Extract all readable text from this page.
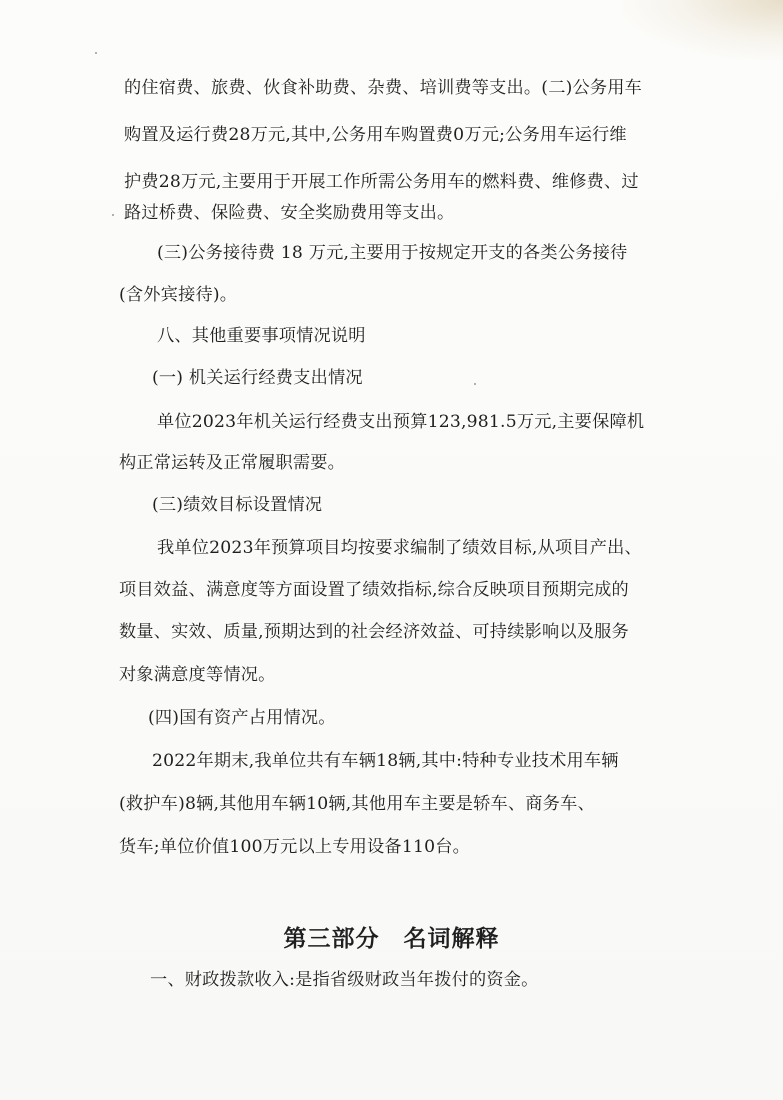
的住宿费、旅费、伙食补助费、杂费、培训费等支出。(二)公务用车
购置及运行费28万元,其中,公务用车购置费0万元;公务用车运行维
护费28万元,主要用于开展工作所需公务用车的燃料费、维修费、过
路过桥费、保险费、安全奖励费用等支出。
(三)公务接待费 18 万元,主要用于按规定开支的各类公务接待
(含外宾接待)。
八、其他重要事项情况说明
(一) 机关运行经费支出情况
单位2023年机关运行经费支出预算123,981.5万元,主要保障机
构正常运转及正常履职需要。
(三)绩效目标设置情况
我单位2023年预算项目均按要求编制了绩效目标,从项目产出、
项目效益、满意度等方面设置了绩效指标,综合反映项目预期完成的
数量、实效、质量,预期达到的社会经济效益、可持续影响以及服务
对象满意度等情况。
(四)国有资产占用情况。
2022年期末,我单位共有车辆18辆,其中:特种专业技术用车辆
(救护车)8辆,其他用车辆10辆,其他用车主要是轿车、商务车、
货车;单位价值100万元以上专用设备110台。
第三部分　名词解释
一、财政拨款收入:是指省级财政当年拨付的资金。
